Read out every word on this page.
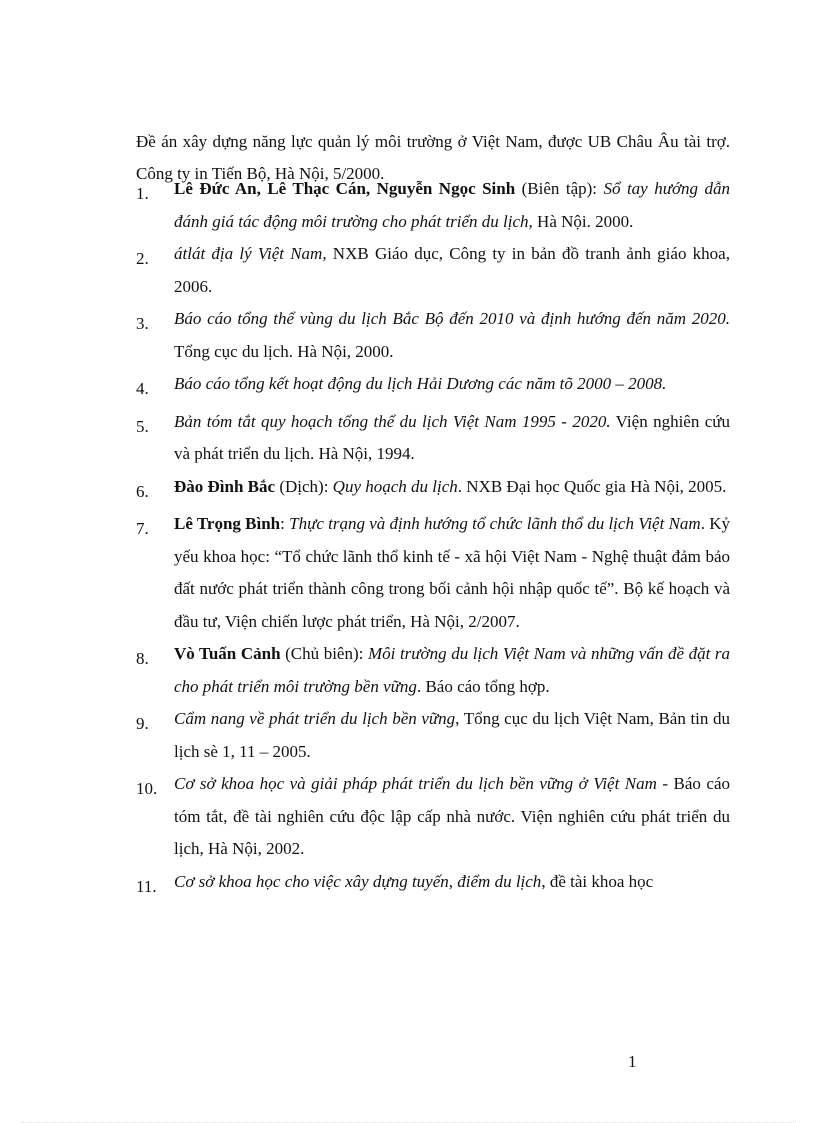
Đề án xây dựng năng lực quản lý môi trường ở Việt Nam, được UB Châu Âu tài trợ. Công ty in Tiến Bộ, Hà Nội, 5/2000.

1.	Lê Đức An, Lê Thạc Cán, Nguyễn Ngọc Sinh (Biên tập): Sổ tay hướng dẫn đánh giá tác động môi trường cho phát triển du lịch, Hà Nội. 2000.
2.	átlát địa lý Việt Nam, NXB Giáo dục, Công ty in bản đồ tranh ảnh giáo khoa, 2006.
3.	Báo cáo tổng thể vùng du lịch Bắc Bộ đến 2010 và định hướng đến năm 2020. Tổng cục du lịch. Hà Nội, 2000.
4.	Báo cáo tổng kết hoạt động du lịch Hải Dương các năm tõ 2000 – 2008.
5.	Bản tóm tắt quy hoạch tổng thể du lịch Việt Nam 1995 - 2020. Viện nghiên cứu và phát triển du lịch. Hà Nội, 1994.
6.	Đào Đình Bắc (Dịch): Quy hoạch du lịch. NXB Đại học Quốc gia Hà Nội, 2005.
7.	Lê Trọng Bình: Thực trạng và định hướng tổ chức lãnh thổ du lịch Việt Nam. Kỷ yếu khoa học: “Tổ chức lãnh thổ kinh tế - xã hội Việt Nam - Nghệ thuật đảm bảo đất nước phát triển thành công trong bối cảnh hội nhập quốc tế”. Bộ kế hoạch và đầu tư, Viện chiến lược phát triển, Hà Nội, 2/2007.
8.	Vò Tuấn Cảnh (Chủ biên): Môi trường du lịch Việt Nam và những vấn đề đặt ra cho phát triển môi trường bền vững. Báo cáo tổng hợp.
9.	Cẩm nang về phát triển du lịch bền vững, Tổng cục du lịch Việt Nam, Bản tin du lịch sè 1, 11 – 2005.
10. Cơ sở khoa học và giải pháp phát triển du lịch bền vững ở Việt Nam - Báo cáo tóm tắt, đề tài nghiên cứu độc lập cấp nhà nước. Viện nghiên cứu phát triển du lịch, Hà Nội, 2002.
11.	Cơ sở khoa học cho việc xây dựng tuyến, điểm du lịch, đề tài khoa học
1
